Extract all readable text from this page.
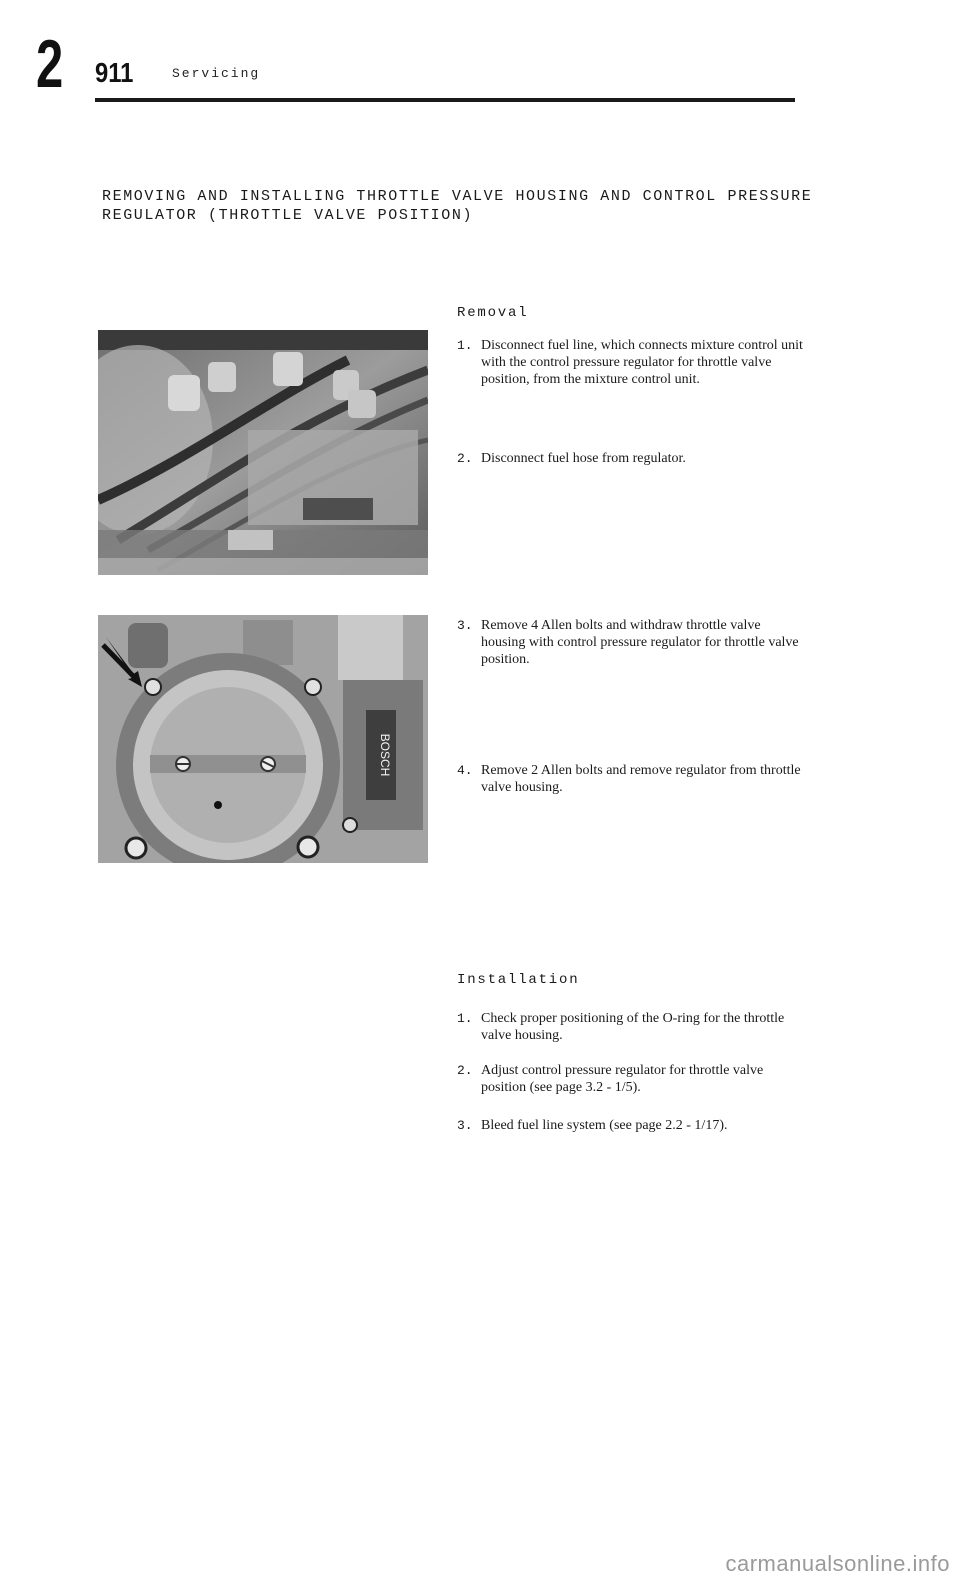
2 911	Servicing
REMOVING AND INSTALLING THROTTLE VALVE HOUSING AND CONTROL PRESSURE REGULATOR (THROTTLE VALVE POSITION)
Removal
1. Disconnect fuel line, which connects mixture control unit with the control pressure regulator for throttle valve position, from the mixture control unit.
2. Disconnect fuel hose from regulator.
3. Remove 4 Allen bolts and withdraw throttle valve housing with control pressure regulator for throttle valve position.
4. Remove 2 Allen bolts and remove regulator from throttle valve housing.
Installation
1. Check proper positioning of the O-ring for the throttle valve housing.
2. Adjust control pressure regulator for throttle valve position (see page 3.2 - 1/5).
3. Bleed fuel line system (see page 2.2 - 1/17).
BOSCH
carmanualsonline.info
